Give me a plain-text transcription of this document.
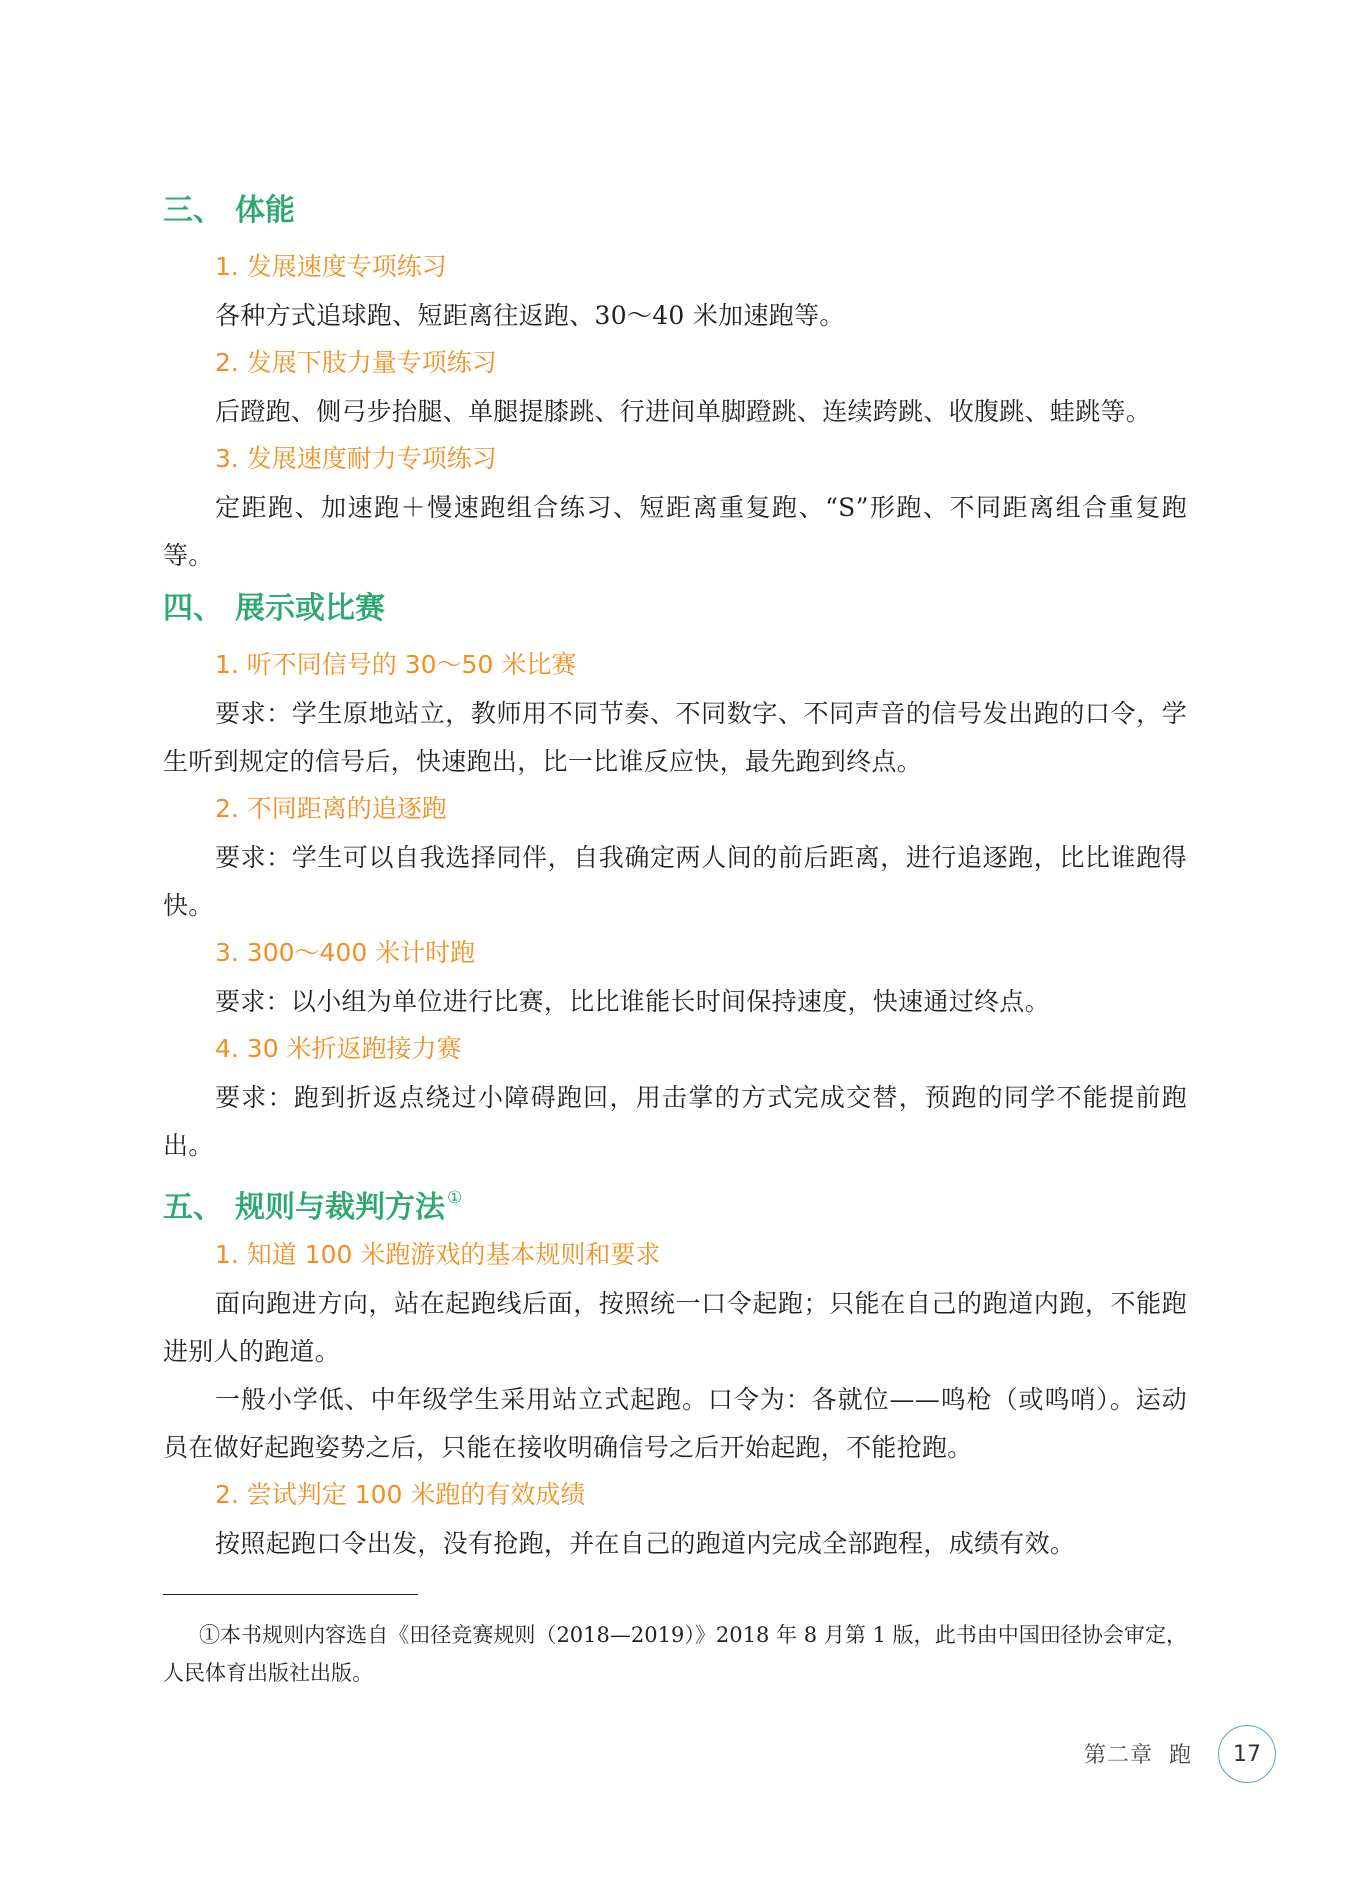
三、 体能
1. 发展速度专项练习
各种方式追球跑、短距离往返跑、30～40 米加速跑等。
2. 发展下肢力量专项练习
后蹬跑、侧弓步抬腿、单腿提膝跳、行进间单脚蹬跳、连续跨跳、收腹跳、蛙跳等。
3. 发展速度耐力专项练习
定距跑、加速跑＋慢速跑组合练习、短距离重复跑、“S”形跑、不同距离组合重复跑等。
四、 展示或比赛
1. 听不同信号的 30～50 米比赛
要求：学生原地站立，教师用不同节奏、不同数字、不同声音的信号发出跑的口令，学生听到规定的信号后，快速跑出，比一比谁反应快，最先跑到终点。
2. 不同距离的追逐跑
要求：学生可以自我选择同伴，自我确定两人间的前后距离，进行追逐跑，比比谁跑得快。
3. 300～400 米计时跑
要求：以小组为单位进行比赛，比比谁能长时间保持速度，快速通过终点。
4. 30 米折返跑接力赛
要求：跑到折返点绕过小障碍跑回，用击掌的方式完成交替，预跑的同学不能提前跑出。
五、 规则与裁判方法 ①
1. 知道 100 米跑游戏的基本规则和要求
面向跑进方向，站在起跑线后面，按照统一口令起跑；只能在自己的跑道内跑，不能跑进别人的跑道。
一般小学低、中年级学生采用站立式起跑。口令为：各就位——鸣枪（或鸣哨）。运动员在做好起跑姿势之后，只能在接收明确信号之后开始起跑，不能抢跑。
2. 尝试判定 100 米跑的有效成绩
按照起跑口令出发，没有抢跑，并在自己的跑道内完成全部跑程，成绩有效。
①本书规则内容选自《田径竞赛规则（2018—2019）》2018 年 8 月第 1 版，此书由中国田径协会审定，人民体育出版社出版。
第二章 跑	17
